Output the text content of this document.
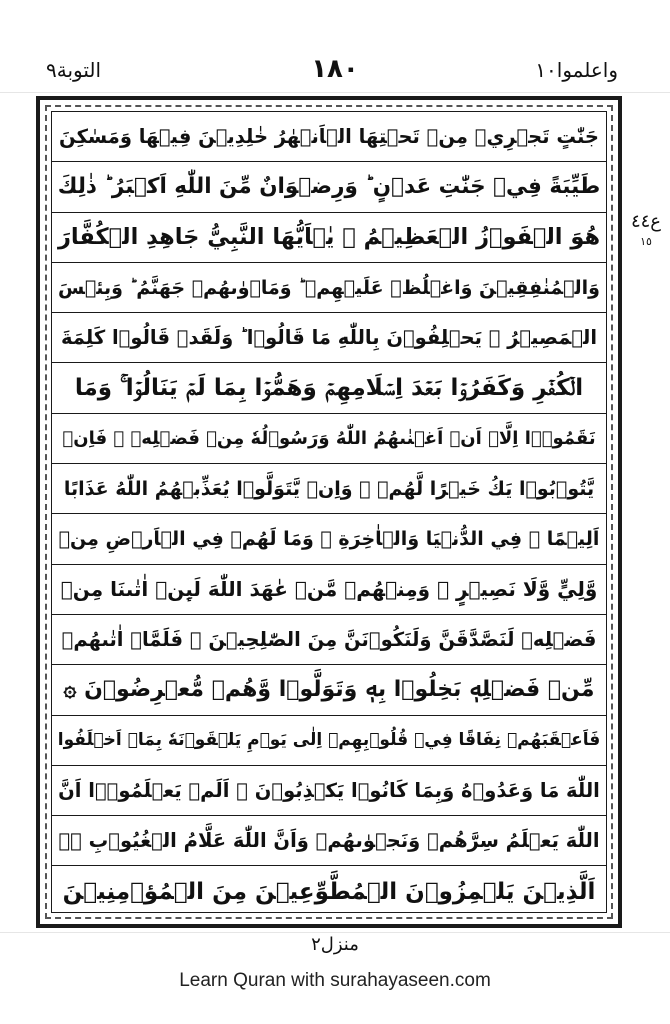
واعلموا١٠
١٨٠
التوبة٩
جَنّٰتٍ تَجۡرِيۡ مِنۡ تَحۡتِهَا الۡاَنۡهٰرُ خٰلِدِيۡنَ فِيۡهَا وَمَسٰكِنَ
طَيِّبَةً فِيۡ جَنّٰتِ عَدۡنٍ ؕ وَرِضۡوَانٌ مِّنَ اللّٰهِ اَكۡبَرُ ؕ ذٰلِكَ
هُوَ الۡفَوۡزُ الۡعَظِيۡمُ ۞ يٰۤاَيُّهَا النَّبِيُّ جَاهِدِ الۡكُفَّارَ
وَالۡمُنٰفِقِيۡنَ وَاغۡلُظۡ عَلَيۡهِمۡ ؕ وَمَاۡوٰٮهُمۡ جَهَنَّمُ ؕ وَبِئۡسَ
الۡمَصِيۡرُ ۞ يَحۡلِفُوۡنَ بِاللّٰهِ مَا قَالُوۡا ؕ وَلَقَدۡ قَالُوۡا كَلِمَةَ
الۡكُفۡرِ وَكَفَرُوۡا بَعۡدَ اِسۡلَامِهِمۡ وَهَمُّوۡا بِمَا لَمۡ يَنَالُوۡا ۚ وَمَا
نَقَمُوۡۤا اِلَّاۤ اَنۡ اَغۡنٰٮهُمُ اللّٰهُ وَرَسُوۡلُهٗ مِنۡ فَضۡلِهٖ ۚ فَاِنۡ
يَّتُوۡبُوۡا يَكُ خَيۡرًا لَّهُمۡ ۚ وَاِنۡ يَّتَوَلَّوۡا يُعَذِّبۡهُمُ اللّٰهُ عَذَابًا
اَلِيۡمًا ۙ فِي الدُّنۡيَا وَالۡاٰخِرَةِ ۚ وَمَا لَهُمۡ فِي الۡاَرۡضِ مِنۡ
وَّلِيٍّ وَّلَا نَصِيۡرٍ ۞ وَمِنۡهُمۡ مَّنۡ عٰهَدَ اللّٰهَ لَٮِٕنۡ اٰتٰٮنَا مِنۡ
فَضۡلِهٖ لَنَصَّدَّقَنَّ وَلَنَكُوۡنَنَّ مِنَ الصّٰلِحِيۡنَ ۞ فَلَمَّاۤ اٰتٰٮهُمۡ
مِّنۡ فَضۡلِهٖ بَخِلُوۡا بِهٖ وَتَوَلَّوۡا وَّهُمۡ مُّعۡرِضُوۡنَ ۞
فَاَعۡقَبَهُمۡ نِفَاقًا فِيۡ قُلُوۡبِهِمۡ اِلٰى يَوۡمِ يَلۡقَوۡنَهٗ بِمَاۤ اَخۡلَفُوا
اللّٰهَ مَا وَعَدُوۡهُ وَبِمَا كَانُوۡا يَكۡذِبُوۡنَ ۞ اَلَمۡ يَعۡلَمُوۡۤا اَنَّ
اللّٰهَ يَعۡلَمُ سِرَّهُمۡ وَنَجۡوٰٮهُمۡ وَاَنَّ اللّٰهَ عَلَّامُ الۡغُيُوۡبِ ۞ۚ
اَلَّذِيۡنَ يَلۡمِزُوۡنَ الۡمُطَّوِّعِيۡنَ مِنَ الۡمُؤۡمِنِيۡنَ
ع٤٤
١٥
منزل٢
Learn Quran with surahayaseen.com
